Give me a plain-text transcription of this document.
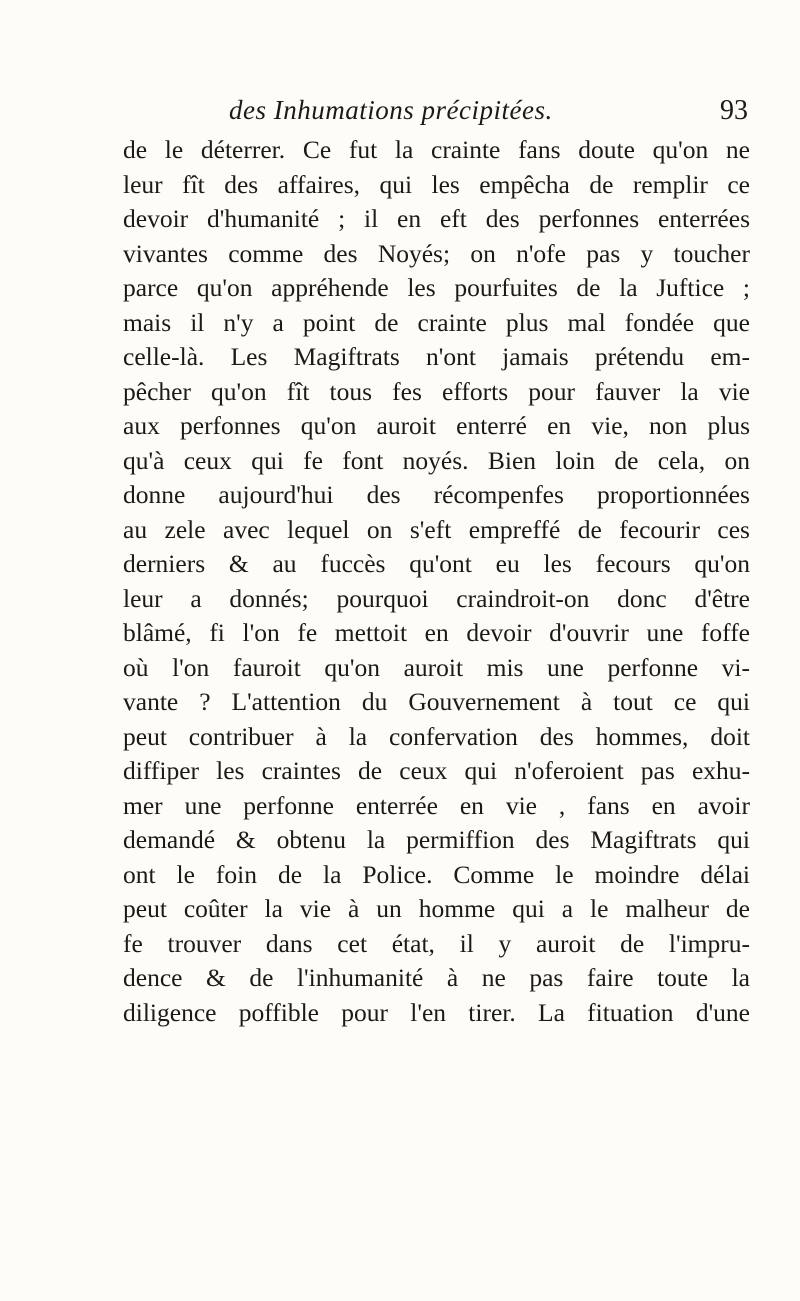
des Inhumations précipitées.	93
de le déterrer. Ce fut la crainte fans doute qu'on ne
leur fît des affaires, qui les empêcha de remplir ce
devoir d'humanité ; il en eft des perfonnes enterrées
vivantes comme des Noyés; on n'ofe pas y toucher
parce qu'on appréhende les pourfuites de la Juftice ;
mais il n'y a point de crainte plus mal fondée que
celle-là. Les Magiftrats n'ont jamais prétendu em-
pêcher qu'on fît tous fes efforts pour fauver la vie
aux perfonnes qu'on auroit enterré en vie, non plus
qu'à ceux qui fe font noyés. Bien loin de cela, on
donne aujourd'hui des récompenfes proportionnées
au zele avec lequel on s'eft empreffé de fecourir ces
derniers & au fuccès qu'ont eu les fecours qu'on
leur a donnés; pourquoi craindroit-on donc d'être
blâmé, fi l'on fe mettoit en devoir d'ouvrir une foffe
où l'on fauroit qu'on auroit mis une perfonne vi-
vante ? L'attention du Gouvernement à tout ce qui
peut contribuer à la confervation des hommes, doit
diffiper les craintes de ceux qui n'oferoient pas exhu-
mer une perfonne enterrée en vie , fans en avoir
demandé & obtenu la permiffion des Magiftrats qui
ont le foin de la Police. Comme le moindre délai
peut coûter la vie à un homme qui a le malheur de
fe trouver dans cet état, il y auroit de l'impru-
dence & de l'inhumanité à ne pas faire toute la
diligence poffible pour l'en tirer. La fituation d'une
